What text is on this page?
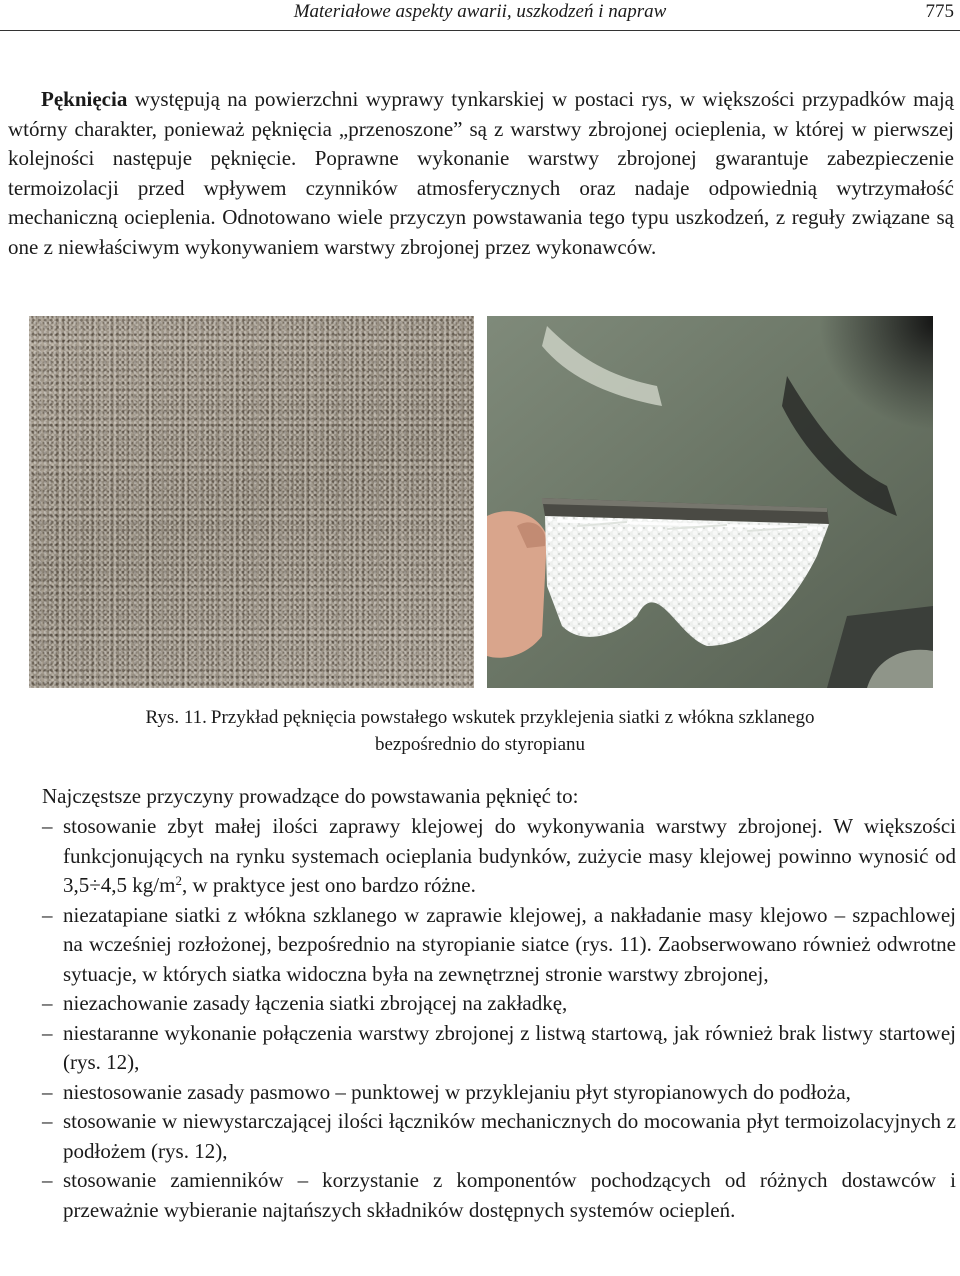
Materiałowe aspekty awarii, uszkodzeń i napraw	775

Pęknięcia występują na powierzchni wyprawy tynkarskiej w postaci rys, w większości przypadków mają wtórny charakter, ponieważ pęknięcia „przenoszone” są z warstwy zbrojonej ocieplenia, w której w pierwszej kolejności następuje pęknięcie. Poprawne wykonanie warstwy zbrojonej gwarantuje zabezpieczenie termoizolacji przed wpływem czynników atmosferycznych oraz nadaje odpowiednią wytrzymałość mechaniczną ocieplenia. Odnotowano wiele przyczyn powstawania tego typu uszkodzeń, z reguły związane są one z niewłaściwym wykonywaniem warstwy zbrojonej przez wykonawców.

Rys. 11. Przykład pęknięcia powstałego wskutek przyklejenia siatki z włókna szklanego
bezpośrednio do styropianu
Najczęstsze przyczyny prowadzące do powstawania pęknięć to:
– stosowanie zbyt małej ilości zaprawy klejowej do wykonywania warstwy zbrojonej. W większości funkcjonujących na rynku systemach ocieplania budynków, zużycie masy klejowej powinno wynosić od 3,5÷4,5 $kg/m^2$, w praktyce jest ono bardzo różne.
– niezatapiane siatki z włókna szklanego w zaprawie klejowej, a nakładanie masy klejowo – szpachlowej na wcześniej rozłożonej, bezpośrednio na styropianie siatce (rys. 11). Zaobserwowano również odwrotne sytuacje, w których siatka widoczna była na zewnętrznej stronie warstwy zbrojonej,
– niezachowanie zasady łączenia siatki zbrojącej na zakładkę,
– niestaranne wykonanie połączenia warstwy zbrojonej z listwą startową, jak również brak listwy startowej (rys. 12),
– niestosowanie zasady pasmowo – punktowej w przyklejaniu płyt styropianowych do podłoża,
– stosowanie w niewystarczającej ilości łączników mechanicznych do mocowania płyt termoizolacyjnych z podłożem (rys. 12),
– stosowanie zamienników – korzystanie z komponentów pochodzących od różnych dostawców i przeważnie wybieranie najtańszych składników dostępnych systemów ociepleń.
